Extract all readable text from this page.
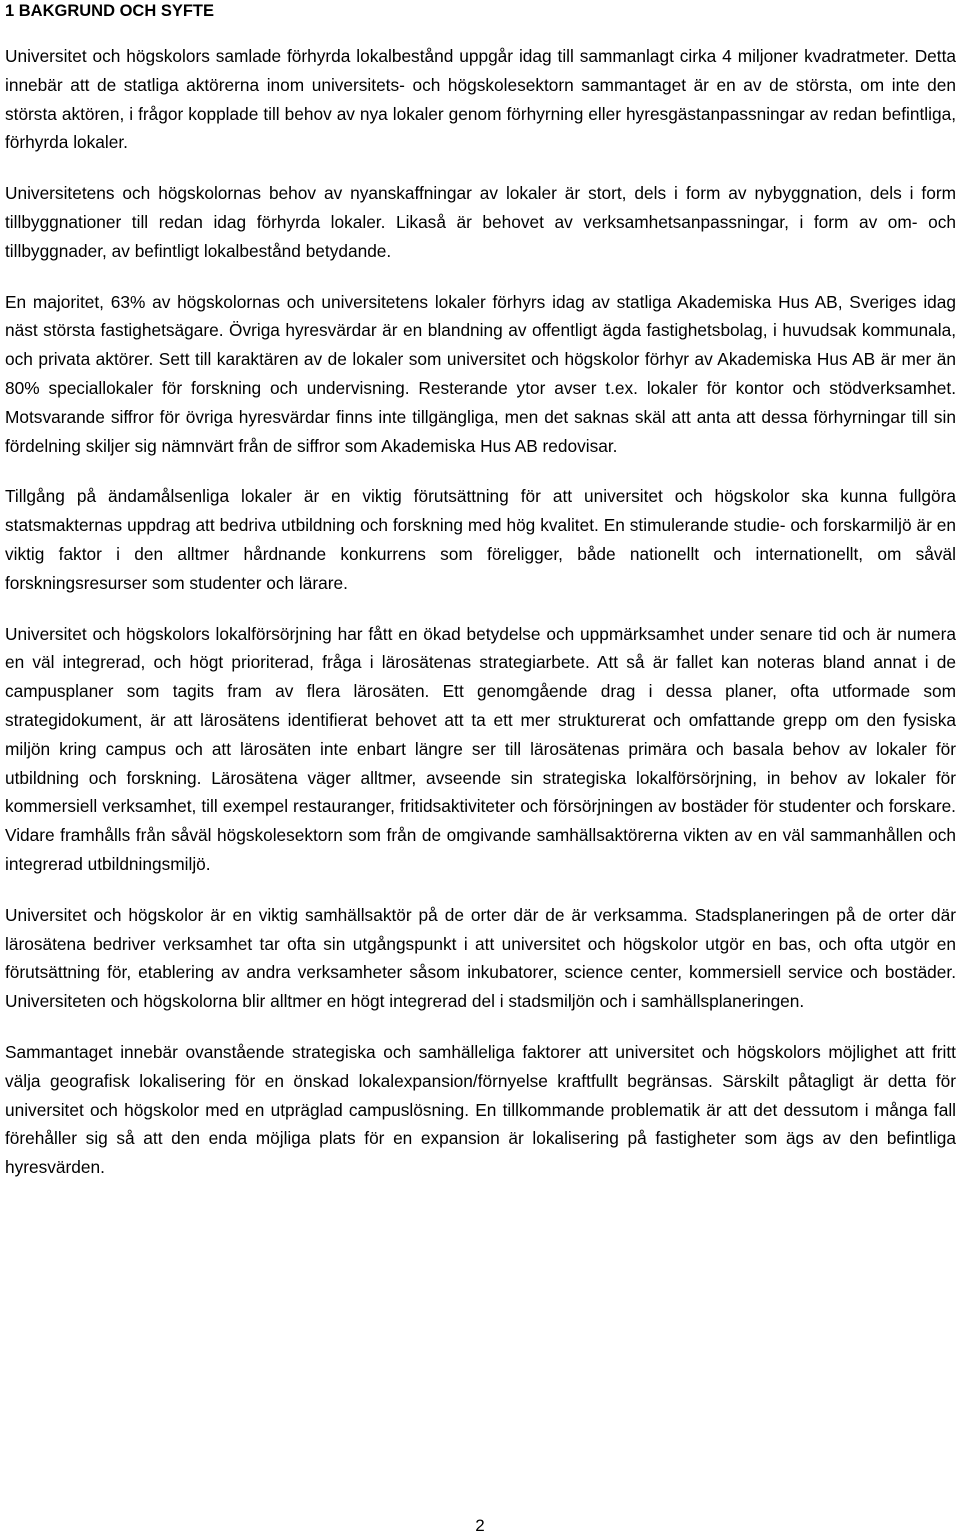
1 BAKGRUND OCH SYFTE

Universitet och högskolors samlade förhyrda lokalbestånd uppgår idag till sammanlagt cirka 4 miljoner kvadratmeter. Detta innebär att de statliga aktörerna inom universitets- och högskolesektorn sammantaget är en av de största, om inte den största aktören, i frågor kopplade till behov av nya lokaler genom förhyrning eller hyresgästanpassningar av redan befintliga, förhyrda lokaler.

Universitetens och högskolornas behov av nyanskaffningar av lokaler är stort, dels i form av nybyggnation, dels i form tillbyggnationer till redan idag förhyrda lokaler. Likaså är behovet av verksamhetsanpassningar, i form av om- och tillbyggnader, av befintligt lokalbestånd betydande.

En majoritet, 63% av högskolornas och universitetens lokaler förhyrs idag av statliga Akademiska Hus AB, Sveriges idag näst största fastighetsägare. Övriga hyresvärdar är en blandning av offentligt ägda fastighetsbolag, i huvudsak kommunala, och privata aktörer. Sett till karaktären av de lokaler som universitet och högskolor förhyr av Akademiska Hus AB är mer än 80% speciallokaler för forskning och undervisning. Resterande ytor avser t.ex. lokaler för kontor och stödverksamhet. Motsvarande siffror för övriga hyresvärdar finns inte tillgängliga, men det saknas skäl att anta att dessa förhyrningar till sin fördelning skiljer sig nämnvärt från de siffror som Akademiska Hus AB redovisar.

Tillgång på ändamålsenliga lokaler är en viktig förutsättning för att universitet och högskolor ska kunna fullgöra statsmakternas uppdrag att bedriva utbildning och forskning med hög kvalitet. En stimulerande studie- och forskarmiljö är en viktig faktor i den alltmer hårdnande konkurrens som föreligger, både nationellt och internationellt, om såväl forskningsresurser som studenter och lärare.

Universitet och högskolors lokalförsörjning har fått en ökad betydelse och uppmärksamhet under senare tid och är numera en väl integrerad, och högt prioriterad, fråga i lärosätenas strategiarbete. Att så är fallet kan noteras bland annat i de campusplaner som tagits fram av flera lärosäten. Ett genomgående drag i dessa planer, ofta utformade som strategidokument, är att lärosätens identifierat behovet att ta ett mer strukturerat och omfattande grepp om den fysiska miljön kring campus och att lärosäten inte enbart längre ser till lärosätenas primära och basala behov av lokaler för utbildning och forskning. Lärosätena väger alltmer, avseende sin strategiska lokalförsörjning, in behov av lokaler för kommersiell verksamhet, till exempel restauranger, fritidsaktiviteter och försörjningen av bostäder för studenter och forskare. Vidare framhålls från såväl högskolesektorn som från de omgivande samhällsaktörerna vikten av en väl sammanhållen och integrerad utbildningsmiljö.

Universitet och högskolor är en viktig samhällsaktör på de orter där de är verksamma. Stadsplaneringen på de orter där lärosätena bedriver verksamhet tar ofta sin utgångspunkt i att universitet och högskolor utgör en bas, och ofta utgör en förutsättning för, etablering av andra verksamheter såsom inkubatorer, science center, kommersiell service och bostäder. Universiteten och högskolorna blir alltmer en högt integrerad del i stadsmiljön och i samhällsplaneringen.

Sammantaget innebär ovanstående strategiska och samhälleliga faktorer att universitet och högskolors möjlighet att fritt välja geografisk lokalisering för en önskad lokalexpansion/förnyelse kraftfullt begränsas. Särskilt påtagligt är detta för universitet och högskolor med en utpräglad campuslösning. En tillkommande problematik är att det dessutom i många fall förehåller sig så att den enda möjliga plats för en expansion är lokalisering på fastigheter som ägs av den befintliga hyresvärden.

2
